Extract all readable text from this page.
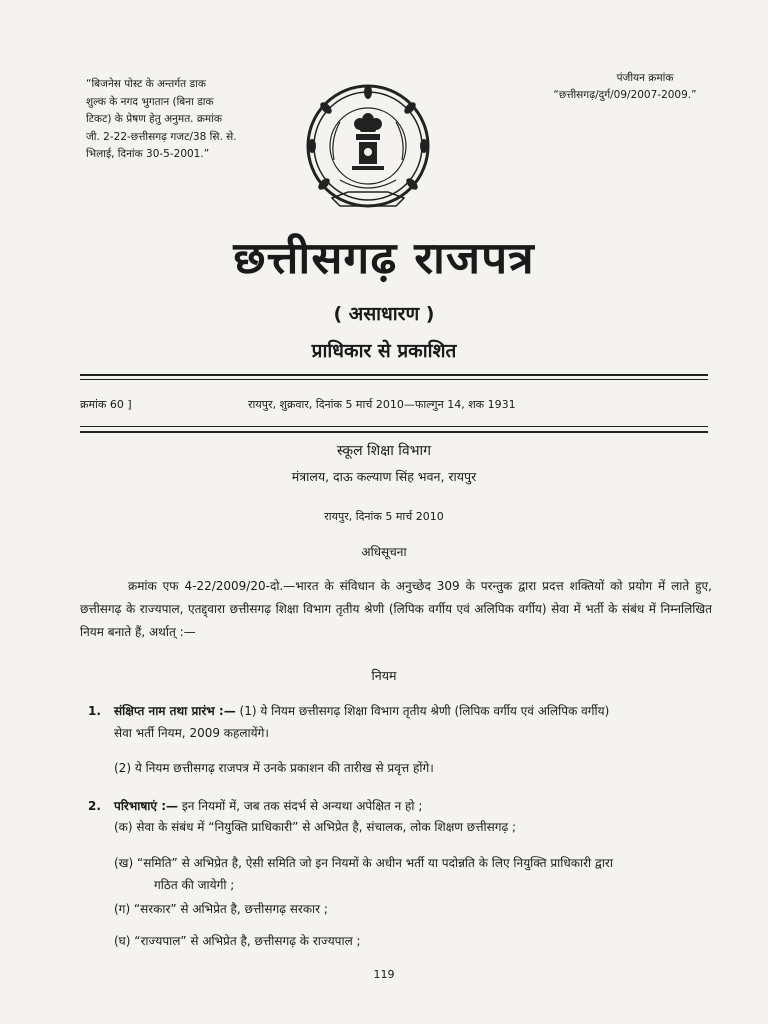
“बिजनेस पोस्ट के अन्तर्गत डाक
शुल्क के नगद भुगतान (बिना डाक
टिकट) के प्रेषण हेतु अनुमत. क्रमांक
जी. 2-22-छत्तीसगढ़ गजट/38 सि. से.
भिलाई, दिनांक 30-5-2001.”
पंजीयन क्रमांक
“छत्तीसगढ़/दुर्ग/09/2007-2009.”
छत्तीसगढ़ राजपत्र
( असाधारण )
प्राधिकार से प्रकाशित
क्रमांक 60 ]	रायपुर, शुक्रवार, दिनांक 5 मार्च 2010—फाल्गुन 14, शक 1931
स्कूल शिक्षा विभाग
मंत्रालय, दाऊ कल्याण सिंह भवन, रायपुर
रायपुर, दिनांक 5 मार्च 2010
अधिसूचना
क्रमांक एफ 4-22/2009/20-दो.—भारत के संविधान के अनुच्छेद 309 के परन्तुक द्वारा प्रदत्त शक्तियों को प्रयोग में लाते हुए, छत्तीसगढ़ के राज्यपाल, एतद्द्वारा छत्तीसगढ़ शिक्षा विभाग तृतीय श्रेणी (लिपिक वर्गीय एवं अलिपिक वर्गीय) सेवा में भर्ती के संबंध में निम्नलिखित नियम बनाते हैं, अर्थात् :—
नियम
1. संक्षिप्त नाम तथा प्रारंभ :— (1) ये नियम छत्तीसगढ़ शिक्षा विभाग तृतीय श्रेणी (लिपिक वर्गीय एवं अलिपिक वर्गीय)
सेवा भर्ती नियम, 2009 कहलायेंगे।
(2) ये नियम छत्तीसगढ़ राजपत्र में उनके प्रकाशन की तारीख से प्रवृत्त होंगे।
2. परिभाषाएं :— इन नियमों में, जब तक संदर्भ से अन्यथा अपेक्षित न हो ;
(क) सेवा के संबंध में “नियुक्ति प्राधिकारी” से अभिप्रेत है, संचालक, लोक शिक्षण छत्तीसगढ़ ;
(ख) “समिति” से अभिप्रेत है, ऐसी समिति जो इन नियमों के अधीन भर्ती या पदोन्नति के लिए नियुक्ति प्राधिकारी द्वारा
गठित की जायेगी ;
(ग) “सरकार” से अभिप्रेत है, छत्तीसगढ़ सरकार ;
(घ) “राज्यपाल” से अभिप्रेत है, छत्तीसगढ़ के राज्यपाल ;
119
